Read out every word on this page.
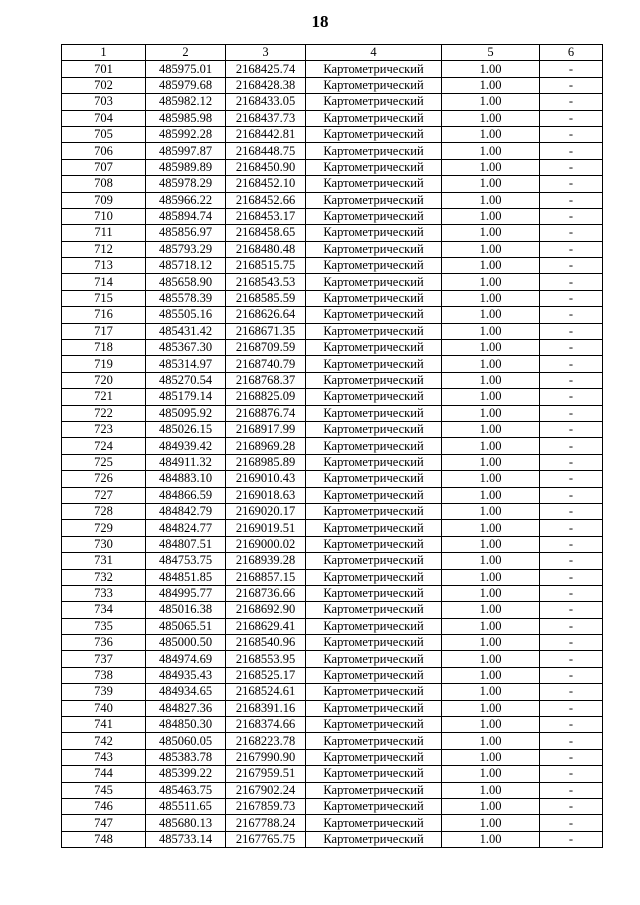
18
1	2	3	4	5	6
701	485975.01	2168425.74	Картометрический	1.00	-
702	485979.68	2168428.38	Картометрический	1.00	-
703	485982.12	2168433.05	Картометрический	1.00	-
704	485985.98	2168437.73	Картометрический	1.00	-
705	485992.28	2168442.81	Картометрический	1.00	-
706	485997.87	2168448.75	Картометрический	1.00	-
707	485989.89	2168450.90	Картометрический	1.00	-
708	485978.29	2168452.10	Картометрический	1.00	-
709	485966.22	2168452.66	Картометрический	1.00	-
710	485894.74	2168453.17	Картометрический	1.00	-
711	485856.97	2168458.65	Картометрический	1.00	-
712	485793.29	2168480.48	Картометрический	1.00	-
713	485718.12	2168515.75	Картометрический	1.00	-
714	485658.90	2168543.53	Картометрический	1.00	-
715	485578.39	2168585.59	Картометрический	1.00	-
716	485505.16	2168626.64	Картометрический	1.00	-
717	485431.42	2168671.35	Картометрический	1.00	-
718	485367.30	2168709.59	Картометрический	1.00	-
719	485314.97	2168740.79	Картометрический	1.00	-
720	485270.54	2168768.37	Картометрический	1.00	-
721	485179.14	2168825.09	Картометрический	1.00	-
722	485095.92	2168876.74	Картометрический	1.00	-
723	485026.15	2168917.99	Картометрический	1.00	-
724	484939.42	2168969.28	Картометрический	1.00	-
725	484911.32	2168985.89	Картометрический	1.00	-
726	484883.10	2169010.43	Картометрический	1.00	-
727	484866.59	2169018.63	Картометрический	1.00	-
728	484842.79	2169020.17	Картометрический	1.00	-
729	484824.77	2169019.51	Картометрический	1.00	-
730	484807.51	2169000.02	Картометрический	1.00	-
731	484753.75	2168939.28	Картометрический	1.00	-
732	484851.85	2168857.15	Картометрический	1.00	-
733	484995.77	2168736.66	Картометрический	1.00	-
734	485016.38	2168692.90	Картометрический	1.00	-
735	485065.51	2168629.41	Картометрический	1.00	-
736	485000.50	2168540.96	Картометрический	1.00	-
737	484974.69	2168553.95	Картометрический	1.00	-
738	484935.43	2168525.17	Картометрический	1.00	-
739	484934.65	2168524.61	Картометрический	1.00	-
740	484827.36	2168391.16	Картометрический	1.00	-
741	484850.30	2168374.66	Картометрический	1.00	-
742	485060.05	2168223.78	Картометрический	1.00	-
743	485383.78	2167990.90	Картометрический	1.00	-
744	485399.22	2167959.51	Картометрический	1.00	-
745	485463.75	2167902.24	Картометрический	1.00	-
746	485511.65	2167859.73	Картометрический	1.00	-
747	485680.13	2167788.24	Картометрический	1.00	-
748	485733.14	2167765.75	Картометрический	1.00	-
